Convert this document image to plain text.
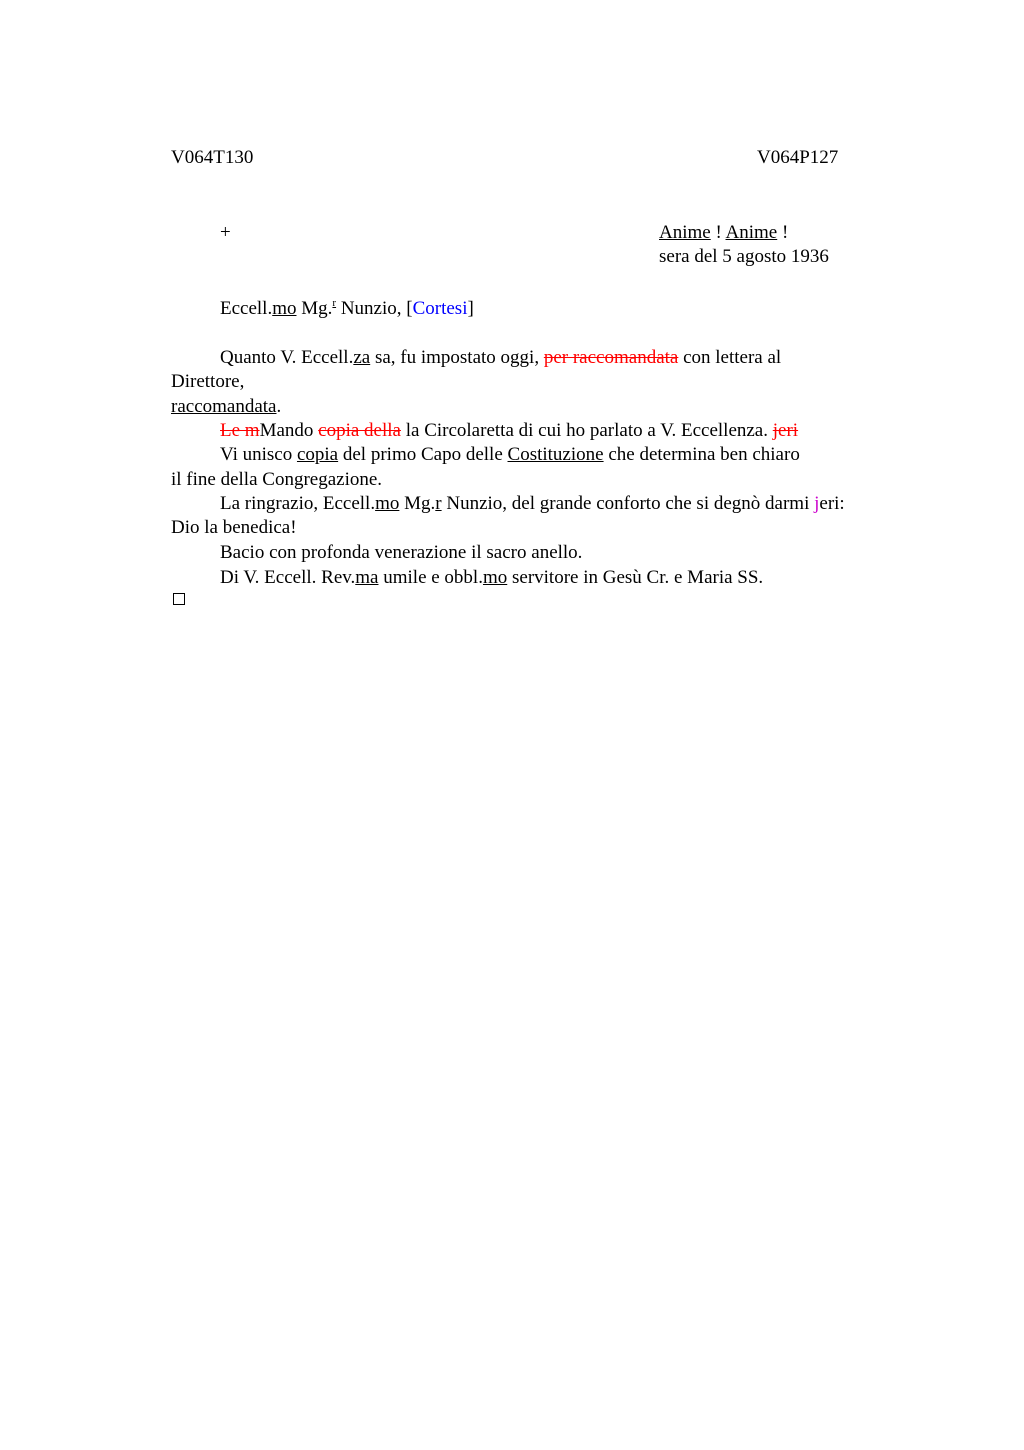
V064T130	V064P127
+	Anime ! Anime !
sera del 5 agosto 1936
Eccell.mo Mg.$^r$ Nunzio, [Cortesi]
Quanto V. Eccell.za sa, fu impostato oggi, per raccomandata con lettera al
Direttore,
raccomandata.
Le mMando copia della la Circolaretta di cui ho parlato a V. Eccellenza. jeri
Vi unisco copia del primo Capo delle Costituzione che determina ben chiaro
il fine della Congregazione.
La ringrazio, Eccell.mo Mg.r Nunzio, del grande conforto che si degnò darmi jeri:
Dio la benedica!
Bacio con profonda venerazione il sacro anello.
Di V. Eccell. Rev.ma umile e obbl.mo servitore in Gesù Cr. e Maria SS.
